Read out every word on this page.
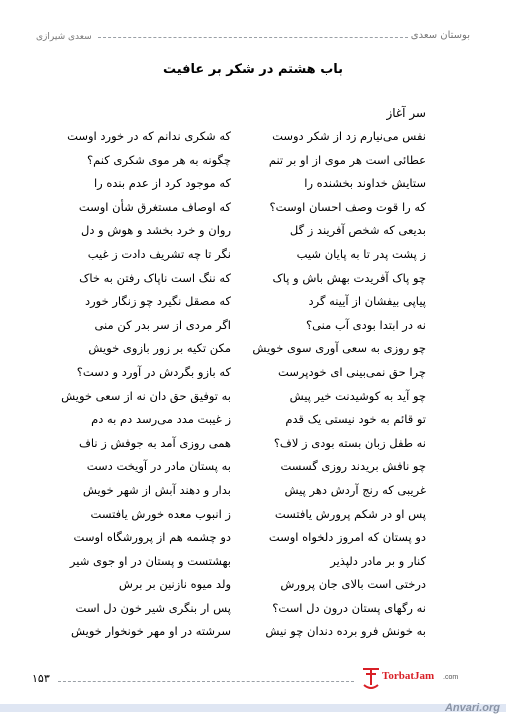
سعدی شیرازی	بوستان سعدی
باب هشتم در شکر بر عافیت
سر آغاز
نفس می‌نیارم زد از شکر دوست
که شکری ندانم که در خورد اوست
عطائی است هر موی از او بر تنم
چگونه به هر موی شکری کنم؟
ستایش خداوند بخشنده را
که موجود کرد از عدم بنده را
که را قوت وصف احسان اوست؟
که اوصاف مستغرق شأن اوست
بدیعی که شخص آفریند ز گل
روان و خرد بخشد و هوش و دل
ز پشت پدر تا به پایان شیب
نگر تا چه تشریف دادت ز غیب
چو پاک آفریدت بهش باش و پاک
که ننگ است ناپاک رفتن به خاک
پیاپی بیفشان از آیینه گرد
که مصقل نگیرد چو زنگار خورد
نه در ابتدا بودی آب منی؟
اگر مردی از سر بدر کن منی
چو روزی به سعی آوری سوی خویش
مکن تکیه بر زور بازوی خویش
چرا حق نمی‌بینی ای خودپرست
که بازو بگردش در آورد و دست؟
چو آید به کوشیدنت خیر پیش
به توفیق حق دان نه از سعی خویش
تو قائم به خود نیستی یک قدم
ز غیبت مدد می‌رسد دم به دم
نه طفل زبان بسته بودی ز لاف؟
همی روزی آمد به جوفش ز ناف
چو نافش بریدند روزی گسست
به پستان مادر در آویخت دست
غریبی که رنج آردش دهر پیش
بدار و دهند آبش از شهر خویش
پس او در شکم پرورش یافتست
ز انبوب معده خورش یافتست
دو پستان که امروز دلخواه اوست
دو چشمه هم از پرورشگاه اوست
کنار و بر مادر دلپذیر
بهشتست و پستان در او جوی شیر
درختی است بالای جان پرورش
ولد میوه نازنین بر برش
نه رگهای پستان درون دل است؟
پس ار بنگری شیر خون دل است
به خونش فرو برده دندان چو نیش
سرشته در او مهر خونخوار خویش
۱۵۳	TorbatJam .com
Anvari.org
